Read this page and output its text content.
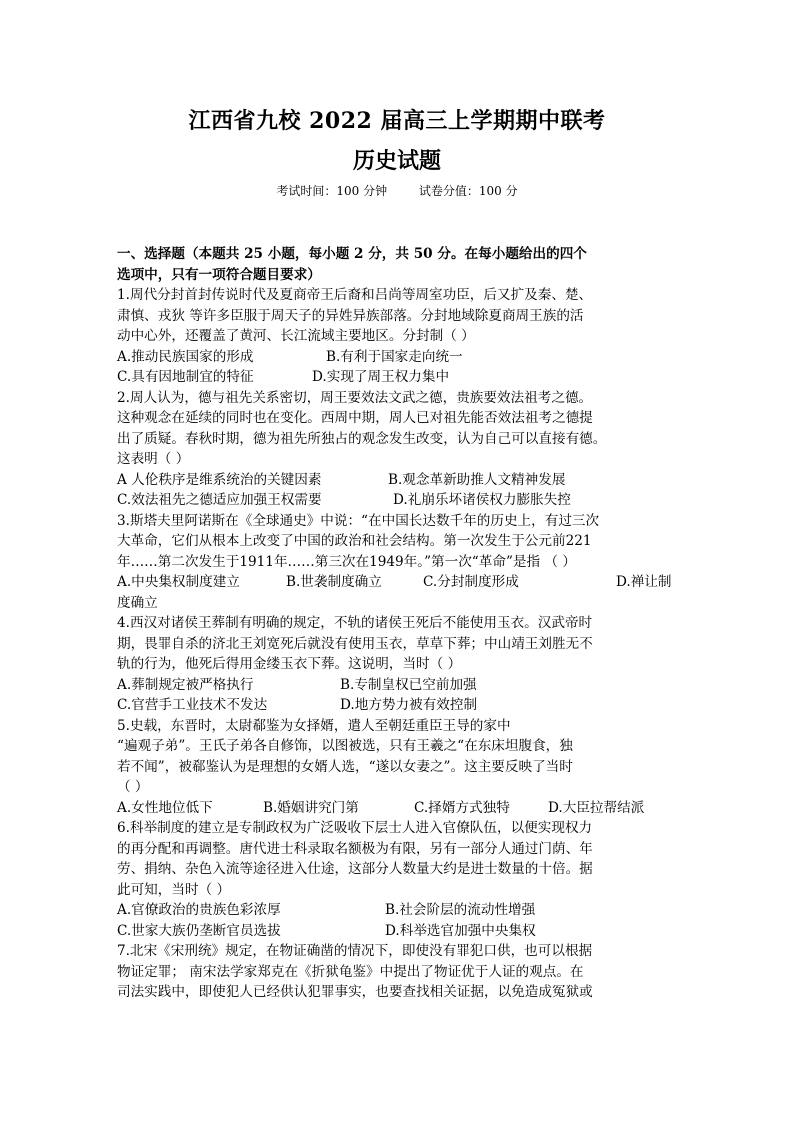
江西省九校 2022 届高三上学期期中联考
历史试题
考试时间：100 分钟	试卷分值：100 分
一、选择题（本题共 25 小题，每小题 2 分，共 50 分。在每小题给出的四个
选项中，只有一项符合题目要求）
1.周代分封首封传说时代及夏商帝王后裔和吕尚等周室功臣，后又扩及秦、楚、
肃慎、戎狄 等许多臣服于周天子的异姓异族部落。分封地域除夏商周王族的活
动中心外，还覆盖了黄河、长江流域主要地区。分封制（ ）
A.推动民族国家的形成	B.有利于国家走向统一
C.具有因地制宜的特征	D.实现了周王权力集中
2.周人认为，德与祖先关系密切，周王要效法文武之德，贵族要效法祖考之德。
这种观念在延续的同时也在变化。西周中期，周人已对祖先能否效法祖考之德提
出了质疑。春秋时期，德为祖先所独占的观念发生改变，认为自己可以直接有德。
这表明（ ）
A 人伦秩序是维系统治的关键因素	B.观念革新助推人文精神发展
C.效法祖先之德适应加强王权需要	D.礼崩乐坏诸侯权力膨胀失控
3.斯塔夫里阿诺斯在《全球通史》中说：“在中国长达数千年的历史上，有过三次
大革命，它们从根本上改变了中国的政治和社会结构。第一次发生于公元前221
年……第二次发生于1911年……第三次在1949年。”第一次“革命”是指 （ ）
A.中央集权制度建立	B.世袭制度确立	C.分封制度形成	D.禅让制
度确立
4.西汉对诸侯王葬制有明确的规定，不轨的诸侯王死后不能使用玉衣。汉武帝时
期，畏罪自杀的济北王刘宽死后就没有使用玉衣，草草下葬；中山靖王刘胜无不
轨的行为，他死后得用金缕玉衣下葬。这说明，当时（ ）
A.葬制规定被严格执行	B.专制皇权已空前加强
C.官营手工业技术不发达	D.地方势力被有效控制
5.史载，东晋时，太尉郗鉴为女择婿，遣人至朝廷重臣王导的家中
“遍观子弟”。王氏子弟各自修饰，以图被选，只有王羲之“在东床坦腹食，独
若不闻”，被郗鉴认为是理想的女婿人选，“遂以女妻之”。这主要反映了当时
（ ）
A.女性地位低下	B.婚姻讲究门第	C.择婿方式独特	D.大臣拉帮结派
6.科举制度的建立是专制政权为广泛吸收下层士人进入官僚队伍，以便实现权力
的再分配和再调整。唐代进士科录取名额极为有限，另有一部分人通过门荫、年
劳、捐纳、杂色入流等途径进入仕途，这部分人数量大约是进士数量的十倍。据
此可知，当时（ ）
A.官僚政治的贵族色彩浓厚	B.社会阶层的流动性增强
C.世家大族仍垄断官员选拔	D.科举选官加强中央集权
7.北宋《宋刑统》规定，在物证确凿的情况下，即使没有罪犯口供，也可以根据
物证定罪； 南宋法学家郑克在《折狱龟鉴》中提出了物证优于人证的观点。在
司法实践中，即使犯人已经供认犯罪事实，也要查找相关证据，以免造成冤狱或
